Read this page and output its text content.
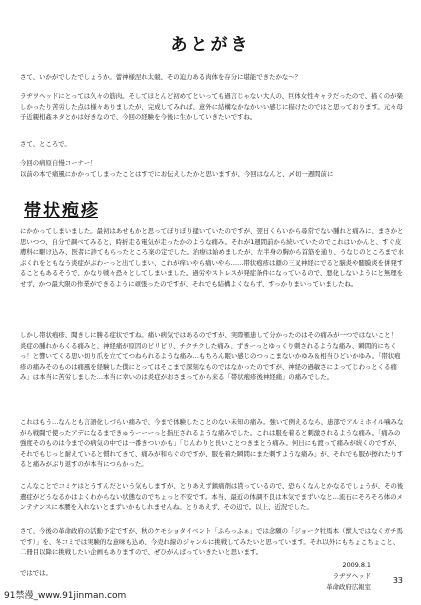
あとがき

さて、いかがでしたでしょうか。蕾神様涅れ太競、その迫力ある肉体を存分に堪能できたかな～？

ラヂヲヘッドにとっては久々の筋肉。そしてほとんど初めてといっても過言じゃない大人の、巨体女性キャラだったので、描くのが楽しかったり苦労した点は様々ありましたが、完成してみれば、意外に結構なかなかいい感じに描けたのではと思っております。元々母子近親相姦ネタとかは好きなので、今回の経験を今後に生かしていきたいですね。

さて、ところで。

今回の病原自慢コーナー！
以前の本で痛風にかかってしまったことはすでにお伝えしたかと思いますが、今回はなんと、〆切一週間前に

帯状疱疹

にかかってしまいました。最初はあせもかと思ってぽりぽり掻いていたのですが、翌日くらいから尋常でない腫れと痛みに、まさかと思いつつ、自分で調べてみると、時折走る電気が走ったかのような痛み。それが1週間前から続いていたのでこれはいかんと、すぐ皮膚科に駆け込み、医者に診てもらったところ案の定でした。治療は始めましたが、左半身の胸から首筋を通り、うなじのところまで水ぶくれをともなう炎症がぶわーっと出てしまい、これが痒いやら痛いやら……帯状疱疹は顔の三叉神経にでると脳炎や髄膜炎を併発することもあるそうで、かなり戦々恐々としてしまいました。過労やストレスが発症条件になっているので、悪化しないようにと無理をせず、かつ最大限の作業ができるように頑張ったのですが、それでも結構よくならず、すっかりまいっていましたね。

しかし帯状疱疹、聞きしに勝る症状ですね。痛い病気ではあるのですが、実際罹患して分かったのはその痛みが一つではないこと！　炎症の腫れからくる痛みと、神経痛が原因のピリピリ、チクチクした痛み、ずきーっとゆっくり刺されるような痛み、瞬間的にちくっ！と響いてくる思い切り爪を立ててつねられるような痛み…もちろん眠い感じのつっこまないかゆみ＆相当ひどいかゆみ。「帯状疱疹の痛みそのものは痛風を経験した僕にとってはそこまで深刻なものではなかったのですが、神経の過敏さによってじわっとくる痛み」は本当に苦労しました…本当に幸いのは炎症がおさまってから来る「帯状疱疹後神経痛」の痛みでした。

これはもう…なんとも言語化しづらい痛みで、今まで体験したことのない未知の痛み。強いて例えるなら、患部でアルミホイル噛みながら戦闘で使ったアデになるまできゅうーーーっと指圧されるような痛みでした。これは服を着ると刺激されるような痛み。「痛みの強度そのものは今までの病気の中では一番きついかも」「じんわりと長いことつきまとう痛み。何日にも渡って痛みが続くのですが、それでもじっと耐えていると慣れてきて、痛みが和らぐのですが、服を着た瞬間にまた刺すような痛み」が、それでも服が擦れたりすると痛みがぶり返すのが本当につらかった。

こんなことでコミケはとうすんだという気もしますが、とりあえず鎮痛剤は貰っているので、恐らくなんとかなるでしょうが、その後遺症がどうなるかはよくわからない状態なのでちょっと不安です。本当、最近の体調不良は本気でまずいなと…流石にそろそろ体のメンテナンスに本腰を入れないとまずいかもしれませんね。とりあえず、その辺で。以上、近況でした。

さて、今後の革命政府の活動予定ですが、秋のケモショタイベント「ふらっふぁ」では念願の「ジョーク牡馬本（獣人ではなくガチ馬です）」を、冬コミでは実験的な意味も込め、今売れ線のジャンルに挑戦してみたいと思っています。それ以外にもちょこちょこと、二冊目以降に挑戦したい企画もありますので、ぜひがんばっていきたいと思います。

ではでは。
2009.8.1
ラヂヲヘッド
革命政府広報室
33
91禁漫_www.91jinman.com
